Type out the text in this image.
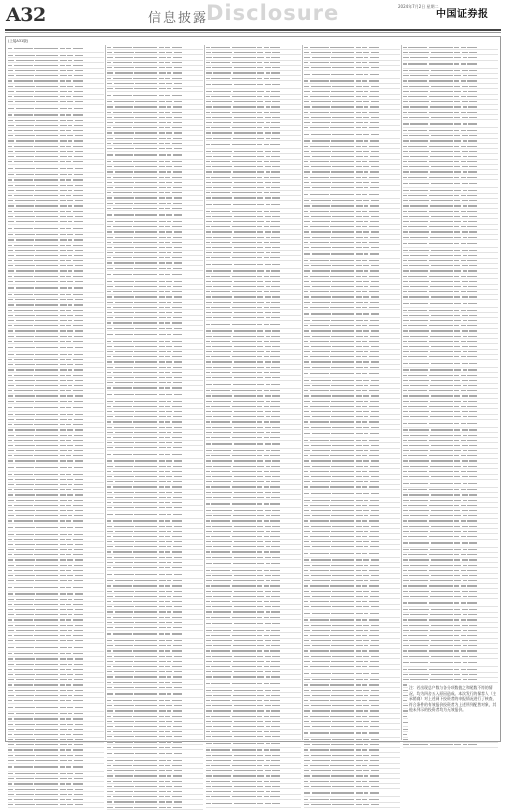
A32	信息披露
Disclosure	2024年7月2日 星期二
中国证券报
(上接A31版)
注：若出现总户数与各分项数值之和尾数不符的情况，均为四舍五入原因造成。本次发行的保荐人（主承销商）对上述网下投资者的申报情况进行了核查，符合条件的有效报价投资者为上述所列配售对象，其他未列示的投资者均为无效报价。
